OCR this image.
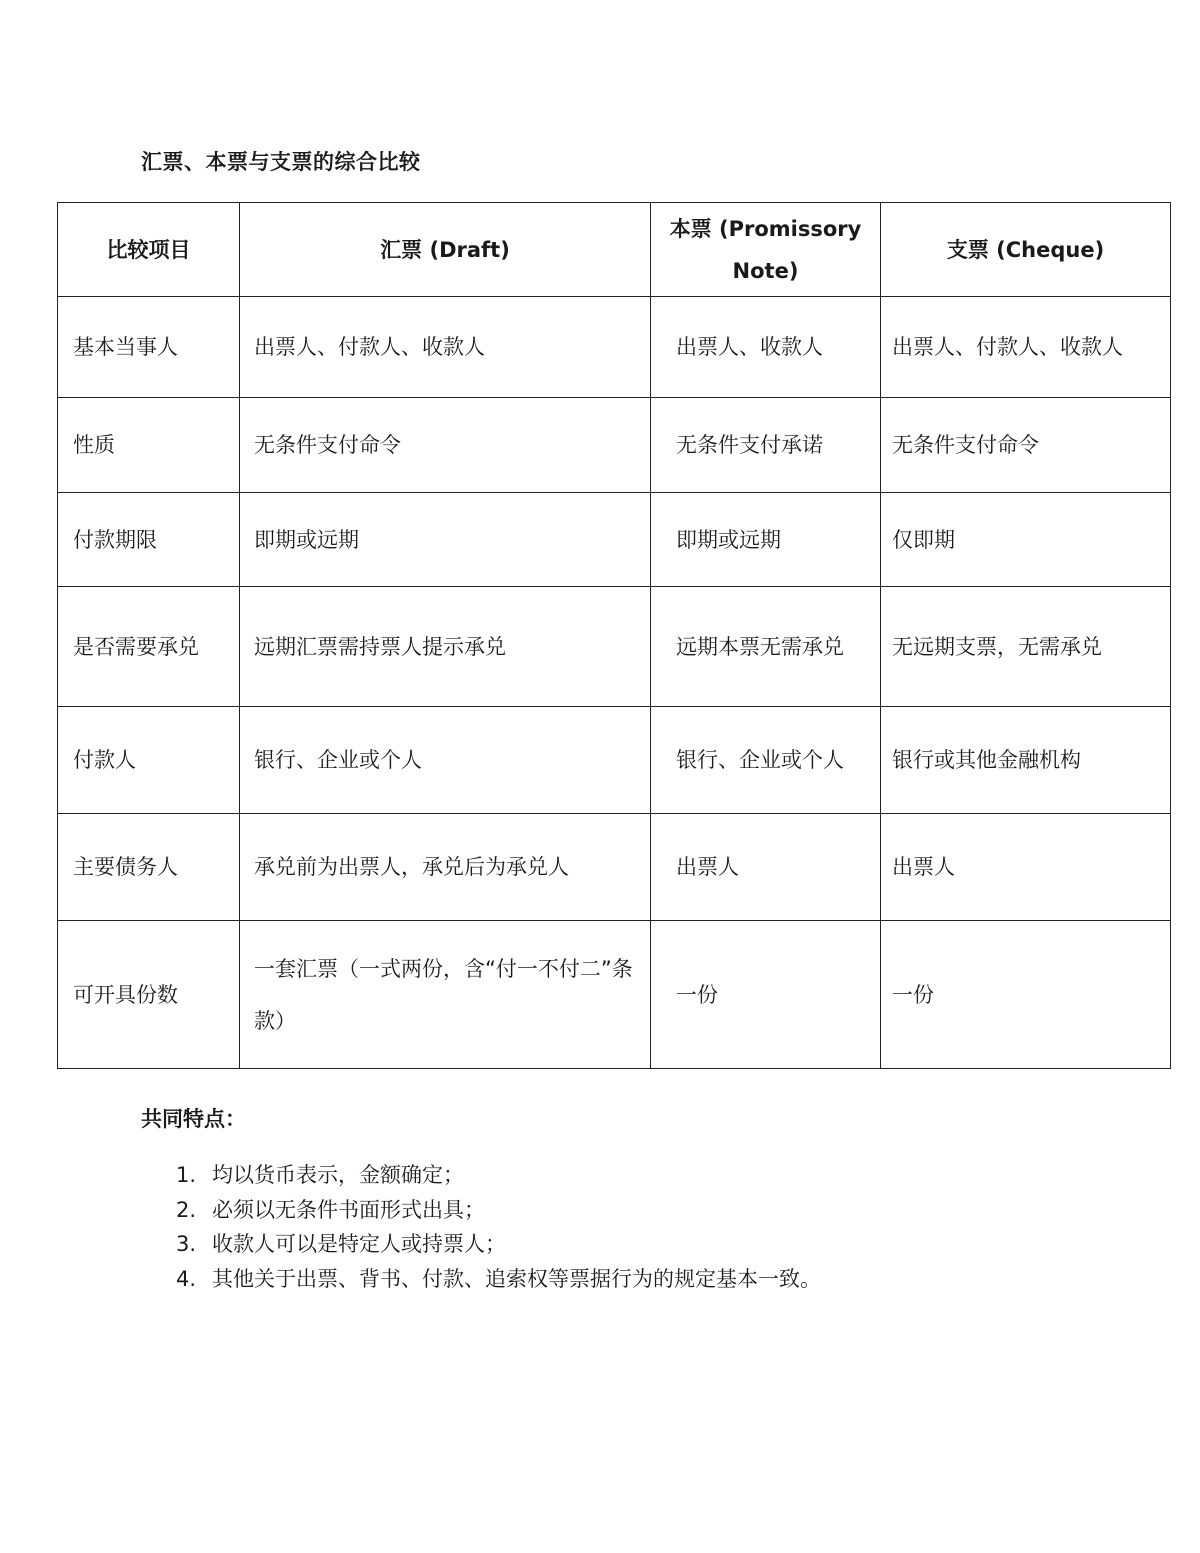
汇票、本票与支票的综合比较
比较项目	汇票 (Draft)	本票 (Promissory Note)	支票 (Cheque)
基本当事人	出票人、付款人、收款人	出票人、收款人	出票人、付款人、收款人
性质	无条件支付命令	无条件支付承诺	无条件支付命令
付款期限	即期或远期	即期或远期	仅即期
是否需要承兑	远期汇票需持票人提示承兑	远期本票无需承兑	无远期支票，无需承兑
付款人	银行、企业或个人	银行、企业或个人	银行或其他金融机构
主要债务人	承兑前为出票人，承兑后为承兑人	出票人	出票人
可开具份数	一套汇票（一式两份，含“付一不付二”条款）	一份	一份
共同特点：
1. 均以货币表示，金额确定；
2. 必须以无条件书面形式出具；
3. 收款人可以是特定人或持票人；
4. 其他关于出票、背书、付款、追索权等票据行为的规定基本一致。
